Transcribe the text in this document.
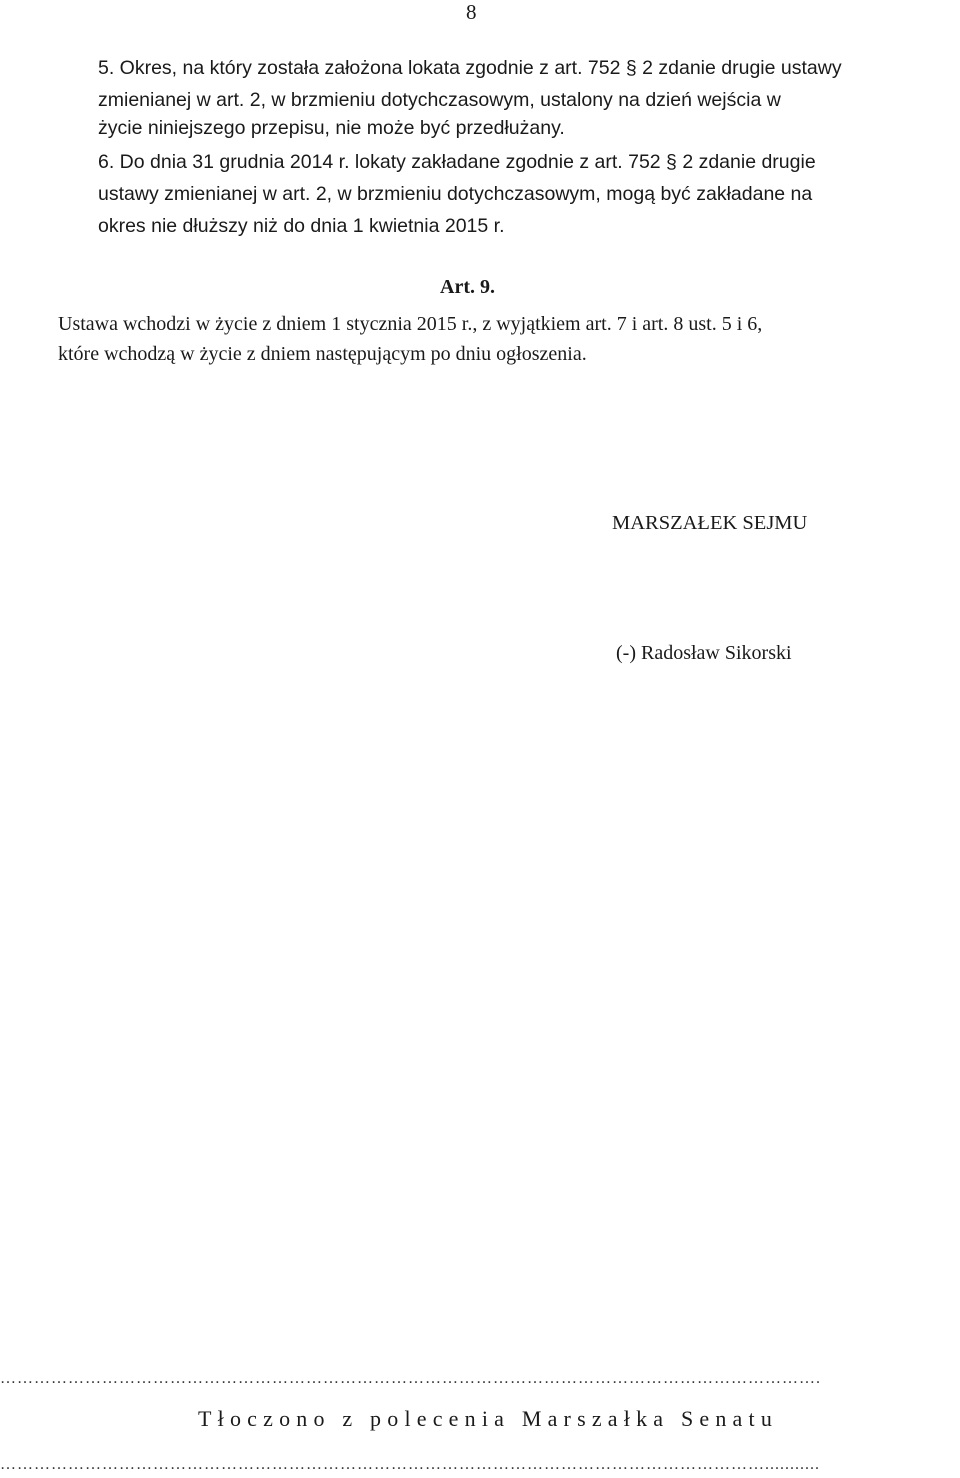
8

5. Okres, na który została założona lokata zgodnie z art. 752 § 2 zdanie drugie ustawy

zmienianej w art. 2, w brzmieniu dotychczasowym, ustalony na dzień wejścia w

życie niniejszego przepisu, nie może być przedłużany.

6. Do dnia 31 grudnia 2014 r. lokaty zakładane zgodnie z art. 752 § 2 zdanie drugie

ustawy zmienianej w art. 2, w brzmieniu dotychczasowym, mogą być zakładane na

okres nie dłuższy niż do dnia 1 kwietnia 2015 r.

Art. 9.

Ustawa wchodzi w życie z dniem 1 stycznia 2015 r., z wyjątkiem art. 7 i art. 8 ust. 5 i 6,

które wchodzą w życie z dniem następującym po dniu ogłoszenia.

MARSZAŁEK SEJMU
(-) Radosław Sikorski
……………………………………………………………………………………………………………………………….
Tłoczono z polecenia Marszałka Senatu
………………………………………………………………………………………………………………………...........
